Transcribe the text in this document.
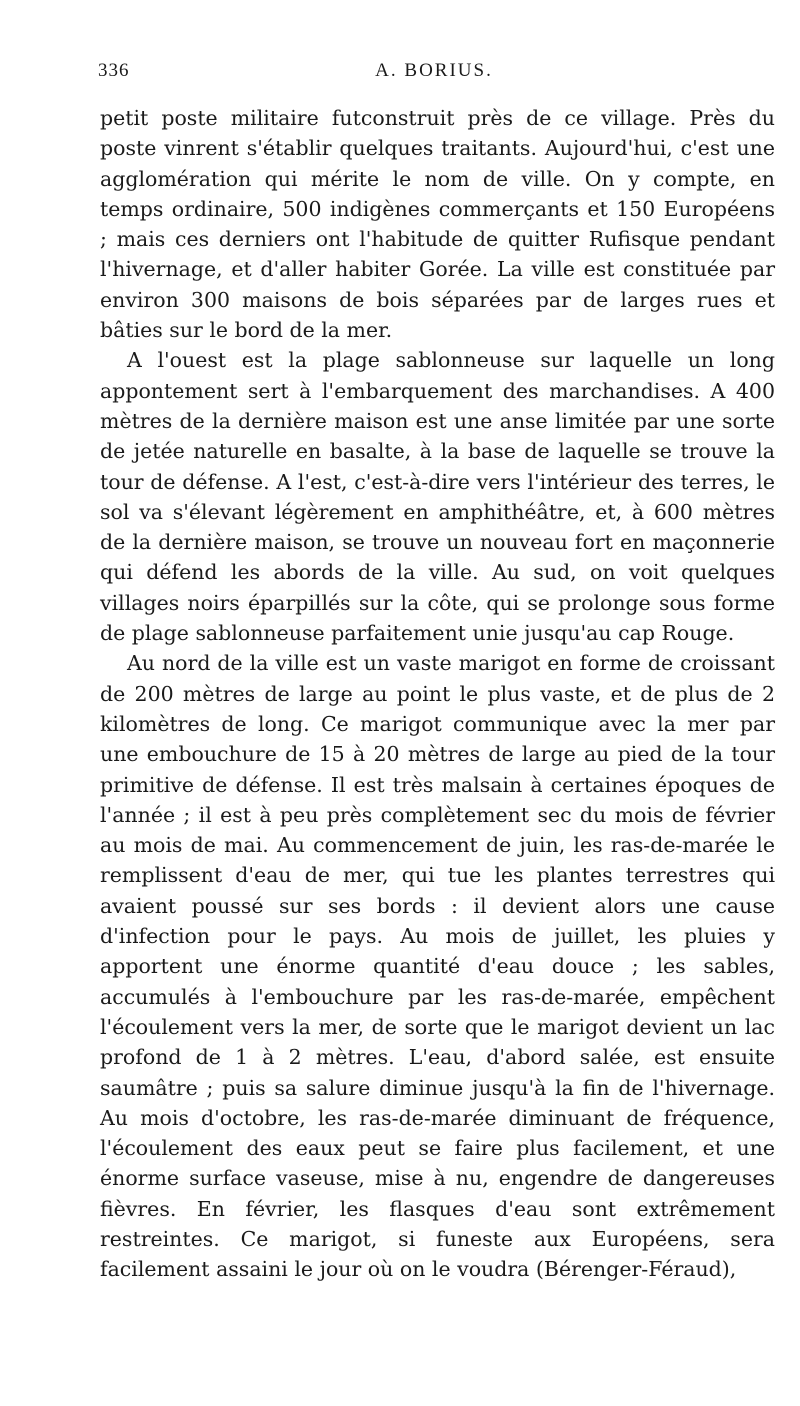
336	A. BORIUS.

petit poste militaire futconstruit près de ce village. Près du poste vinrent s'établir quelques traitants. Aujourd'hui, c'est une agglomération qui mérite le nom de ville. On y compte, en temps ordinaire, 500 indigènes commerçants et 150 Européens ; mais ces derniers ont l'habitude de quitter Rufisque pendant l'hivernage, et d'aller habiter Gorée. La ville est constituée par environ 300 maisons de bois séparées par de larges rues et bâties sur le bord de la mer.

A l'ouest est la plage sablonneuse sur laquelle un long appontement sert à l'embarquement des marchandises. A 400 mètres de la dernière maison est une anse limitée par une sorte de jetée naturelle en basalte, à la base de laquelle se trouve la tour de défense. A l'est, c'est-à-dire vers l'intérieur des terres, le sol va s'élevant légèrement en amphithéâtre, et, à 600 mètres de la dernière maison, se trouve un nouveau fort en maçonnerie qui défend les abords de la ville. Au sud, on voit quelques villages noirs éparpillés sur la côte, qui se prolonge sous forme de plage sablonneuse parfaitement unie jusqu'au cap Rouge.

Au nord de la ville est un vaste marigot en forme de croissant de 200 mètres de large au point le plus vaste, et de plus de 2 kilomètres de long. Ce marigot communique avec la mer par une embouchure de 15 à 20 mètres de large au pied de la tour primitive de défense. Il est très malsain à certaines époques de l'année ; il est à peu près complètement sec du mois de février au mois de mai. Au commencement de juin, les ras-de-marée le remplissent d'eau de mer, qui tue les plantes terrestres qui avaient poussé sur ses bords : il devient alors une cause d'infection pour le pays. Au mois de juillet, les pluies y apportent une énorme quantité d'eau douce ; les sables, accumulés à l'embouchure par les ras-de-marée, empêchent l'écoulement vers la mer, de sorte que le marigot devient un lac profond de 1 à 2 mètres. L'eau, d'abord salée, est ensuite saumâtre ; puis sa salure diminue jusqu'à la fin de l'hivernage. Au mois d'octobre, les ras-de-marée diminuant de fréquence, l'écoulement des eaux peut se faire plus facilement, et une énorme surface vaseuse, mise à nu, engendre de dangereuses fièvres. En février, les flasques d'eau sont extrêmement restreintes. Ce marigot, si funeste aux Européens, sera facilement assaini le jour où on le voudra (Bérenger-Féraud),
